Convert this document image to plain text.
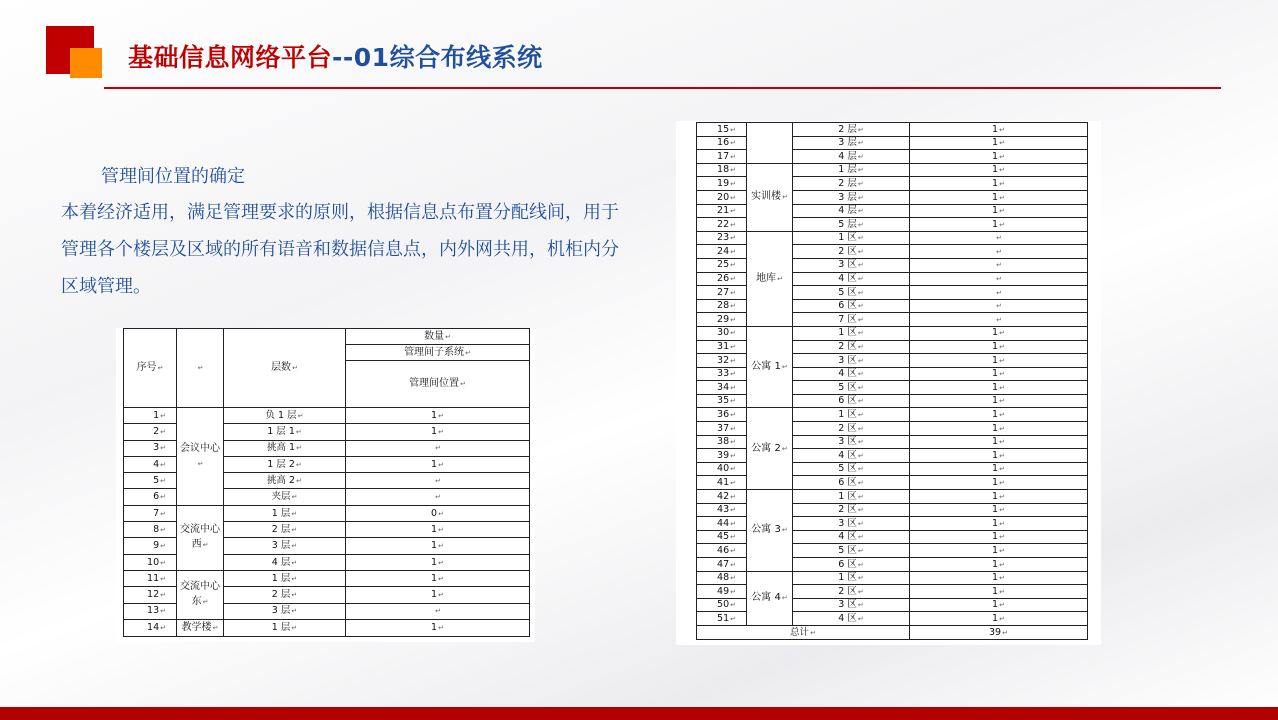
基础信息网络平台--01综合布线系统
管理间位置的确定
本着经济适用，满足管理要求的原则，根据信息点布置分配线间，用于管理各个楼层及区域的所有语音和数据信息点，内外网共用，机柜内分区域管理。
序号↵	↵	层数↵	数量↵
			管理间子系统↵
			管理间位置↵
1↵	会议中心↵	负 1 层↵	1↵
2↵		1 层 1↵	1↵
3↵		挑高 1↵	↵
4↵		1 层 2↵	1↵
5↵		挑高 2↵	↵
6↵		夹层↵	↵
7↵	交流中心西↵	1 层↵	0↵
8↵		2 层↵	1↵
9↵		3 层↵	1↵
10↵		4 层↵	1↵
11↵	交流中心东↵	1 层↵	1↵
12↵		2 层↵	1↵
13↵		3 层↵	↵
14↵	教学楼↵	1 层↵	1↵
15↵		2 层↵	1↵
16↵		3 层↵	1↵
17↵		4 层↵	1↵
18↵	实训楼↵	1 层↵	1↵
19↵		2 层↵	1↵
20↵		3 层↵	1↵
21↵		4 层↵	1↵
22↵		5 层↵	1↵
23↵	地库↵	1 区↵	↵
24↵		2 区↵	↵
25↵		3 区↵	↵
26↵		4 区↵	↵
27↵		5 区↵	↵
28↵		6 区↵	↵
29↵		7 区↵	↵
30↵	公寓 1↵	1 区↵	1↵
31↵		2 区↵	1↵
32↵		3 区↵	1↵
33↵		4 区↵	1↵
34↵		5 区↵	1↵
35↵		6 区↵	1↵
36↵	公寓 2↵	1 区↵	1↵
37↵		2 区↵	1↵
38↵		3 区↵	1↵
39↵		4 区↵	1↵
40↵		5 区↵	1↵
41↵		6 区↵	1↵
42↵	公寓 3↵	1 区↵	1↵
43↵		2 区↵	1↵
44↵		3 区↵	1↵
45↵		4 区↵	1↵
46↵		5 区↵	1↵
47↵		6 区↵	1↵
48↵	公寓 4↵	1 区↵	1↵
49↵		2 区↵	1↵
50↵		3 区↵	1↵
51↵		4 区↵	1↵
总计↵			39↵
